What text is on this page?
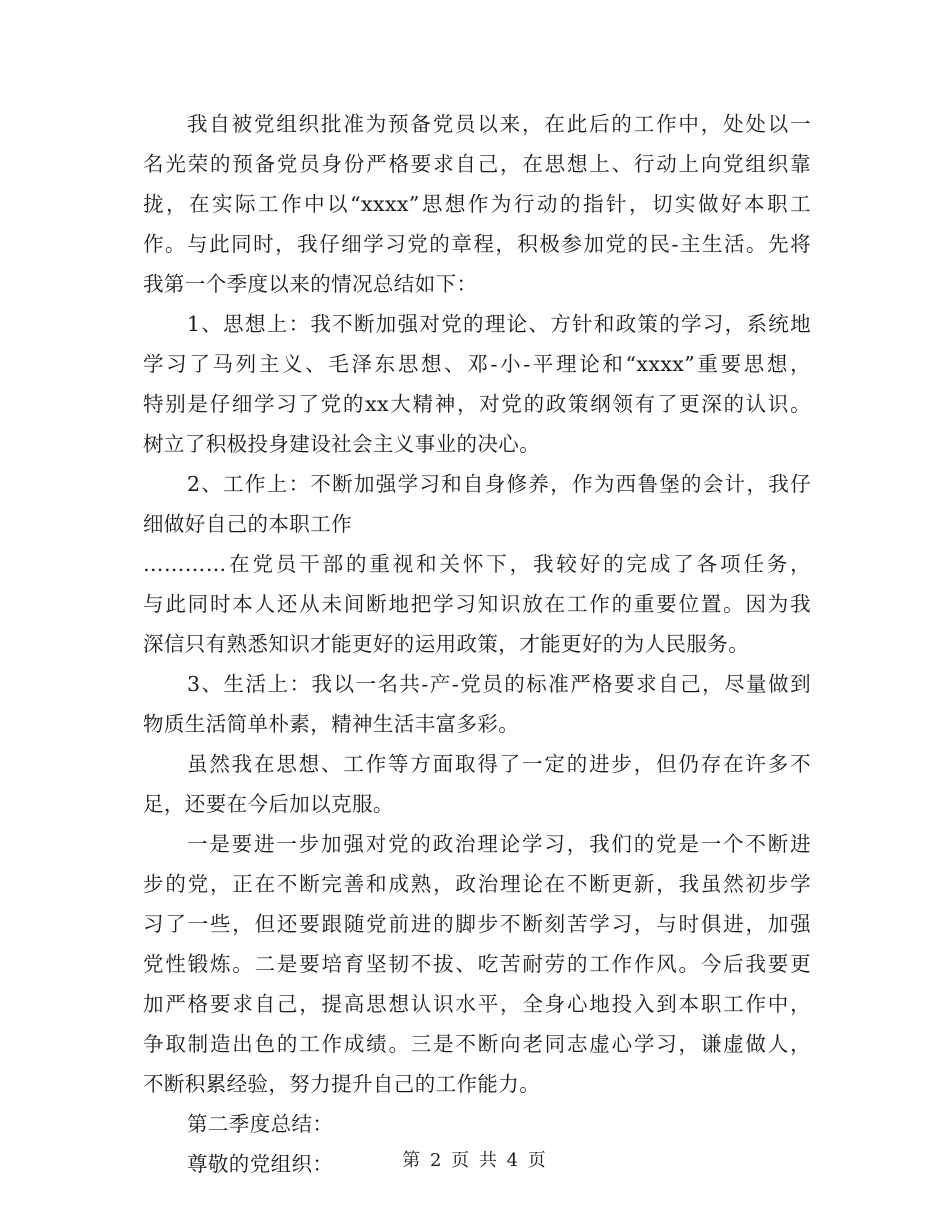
我自被党组织批准为预备党员以来，在此后的工作中，处处以一
名光荣的预备党员身份严格要求自己，在思想上、行动上向党组织靠
拢，在实际工作中以“xxxx”思想作为行动的指针，切实做好本职工
作。与此同时，我仔细学习党的章程，积极参加党的民-主生活。先将
我第一个季度以来的情况总结如下：
1、思想上：我不断加强对党的理论、方针和政策的学习，系统地
学习了马列主义、毛泽东思想、邓-小-平理论和“xxxx”重要思想，
特别是仔细学习了党的xx大精神，对党的政策纲领有了更深的认识。
树立了积极投身建设社会主义事业的决心。
2、工作上：不断加强学习和自身修养，作为西鲁堡的会计，我仔
细做好自己的本职工作
…………在党员干部的重视和关怀下，我较好的完成了各项任务，
与此同时本人还从未间断地把学习知识放在工作的重要位置。因为我
深信只有熟悉知识才能更好的运用政策，才能更好的为人民服务。
3、生活上：我以一名共-产-党员的标准严格要求自己，尽量做到
物质生活简单朴素，精神生活丰富多彩。
虽然我在思想、工作等方面取得了一定的进步，但仍存在许多不
足，还要在今后加以克服。
一是要进一步加强对党的政治理论学习，我们的党是一个不断进
步的党，正在不断完善和成熟，政治理论在不断更新，我虽然初步学
习了一些，但还要跟随党前进的脚步不断刻苦学习，与时俱进，加强
党性锻炼。二是要培育坚韧不拔、吃苦耐劳的工作作风。今后我要更
加严格要求自己，提高思想认识水平，全身心地投入到本职工作中，
争取制造出色的工作成绩。三是不断向老同志虚心学习，谦虚做人，
不断积累经验，努力提升自己的工作能力。
第二季度总结：
尊敬的党组织：	第 2 页 共 4 页
